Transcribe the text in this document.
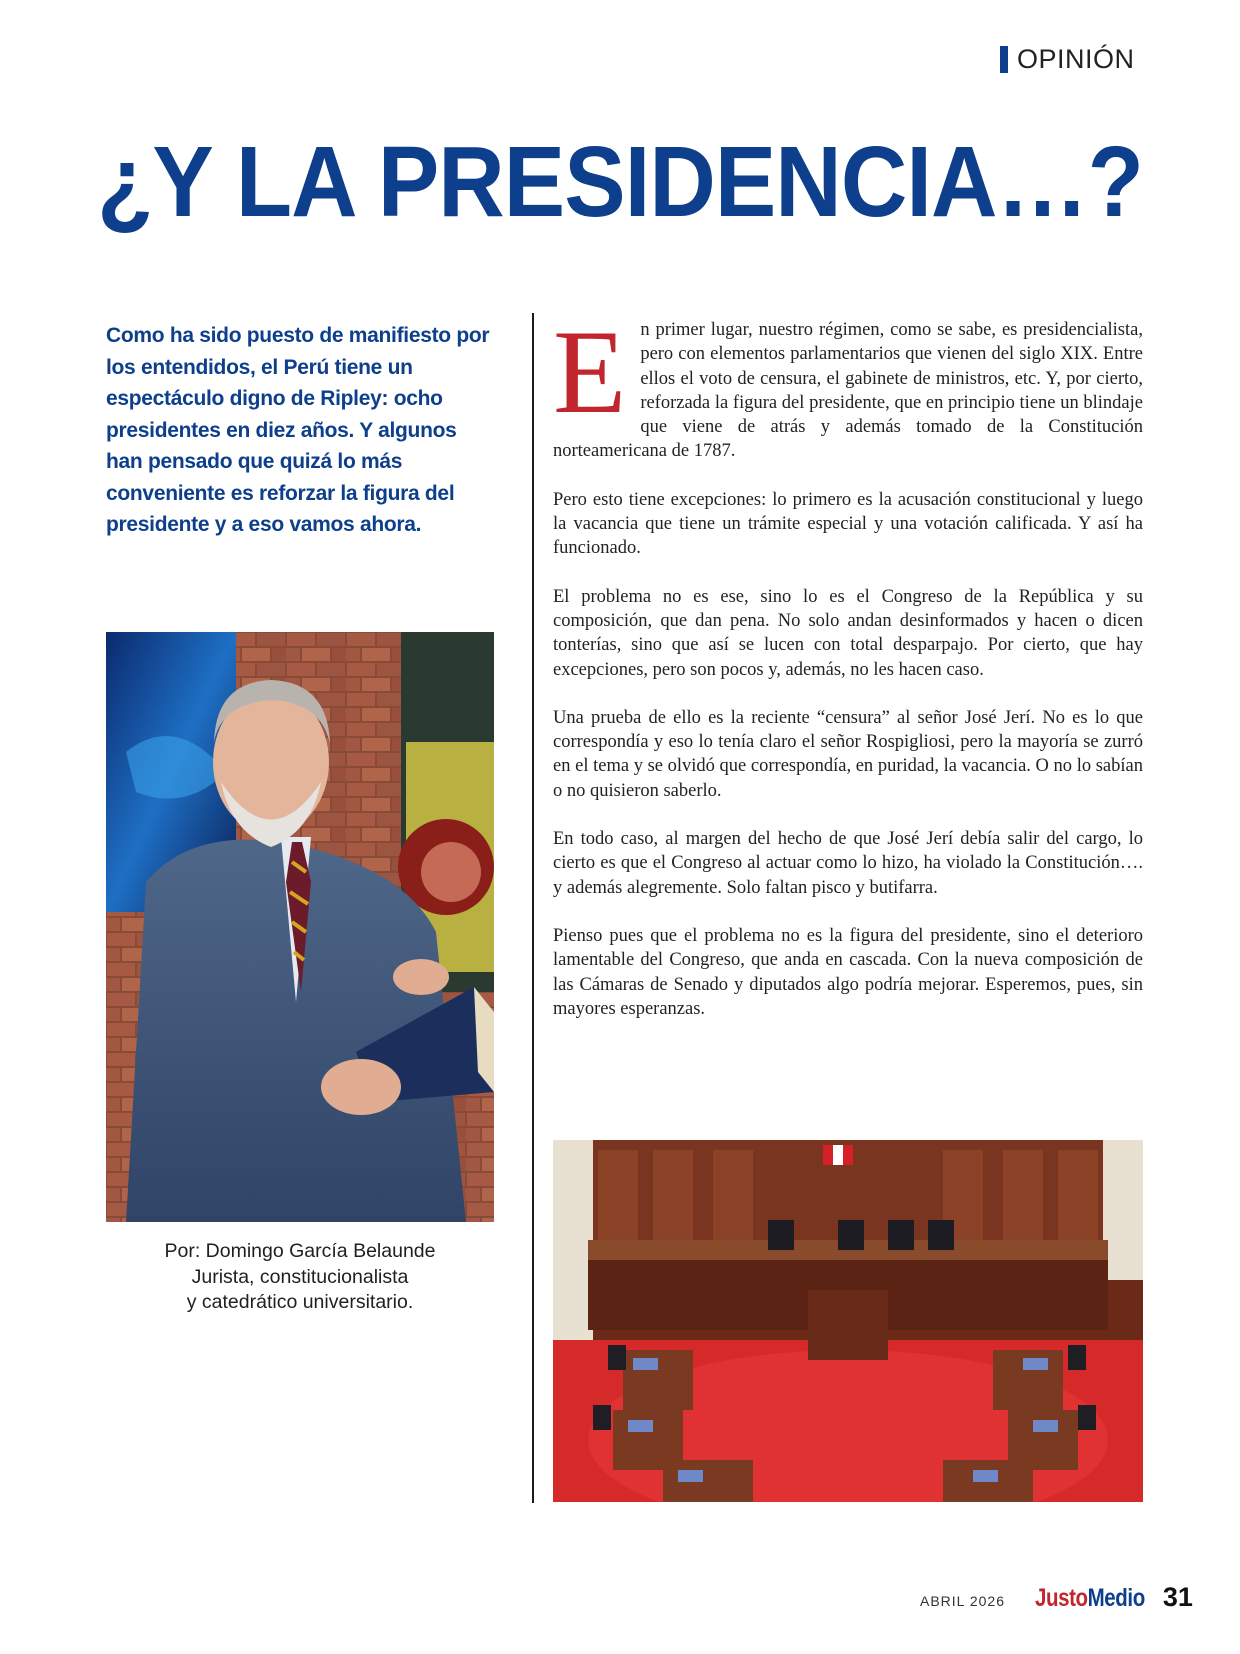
OPINIÓN
¿Y LA PRESIDENCIA…?

Como ha sido puesto de manifiesto por los entendidos, el Perú tiene un espectáculo digno de Ripley: ocho presidentes en diez años. Y algunos han pensado que quizá lo más conveniente es reforzar la figura del presidente y a eso vamos ahora.

Por: Domingo García Belaunde
Jurista, constitucionalista
y catedrático universitario.

En primer lugar, nuestro régimen, como se sabe, es presidencialista, pero con elementos parlamentarios que vienen del siglo XIX. Entre ellos el voto de censura, el gabinete de ministros, etc. Y, por cierto, reforzada la figura del presidente, que en principio tiene un blindaje que viene de atrás y además tomado de la Constitución norteamericana de 1787.

Pero esto tiene excepciones: lo primero es la acusación constitucional y luego la vacancia que tiene un trámite especial y una votación calificada. Y así ha funcionado.

El problema no es ese, sino lo es el Congreso de la República y su composición, que dan pena. No solo andan desinformados y hacen o dicen tonterías, sino que así se lucen con total desparpajo. Por cierto, que hay excepciones, pero son pocos y, además, no les hacen caso.

Una prueba de ello es la reciente “censura” al señor José Jerí. No es lo que correspondía y eso lo tenía claro el señor Rospigliosi, pero la mayoría se zurró en el tema y se olvidó que correspondía, en puridad, la vacancia. O no lo sabían o no quisieron saberlo.

En todo caso, al margen del hecho de que José Jerí debía salir del cargo, lo cierto es que el Congreso al actuar como lo hizo, ha violado la Constitución…. y además alegremente. Solo faltan pisco y butifarra.

Pienso pues que el problema no es la figura del presidente, sino el deterioro lamentable del Congreso, que anda en cascada. Con la nueva composición de las Cámaras de Senado y diputados algo podría mejorar. Esperemos, pues, sin mayores esperanzas.

ABRIL 2026 JustoMedio 31
